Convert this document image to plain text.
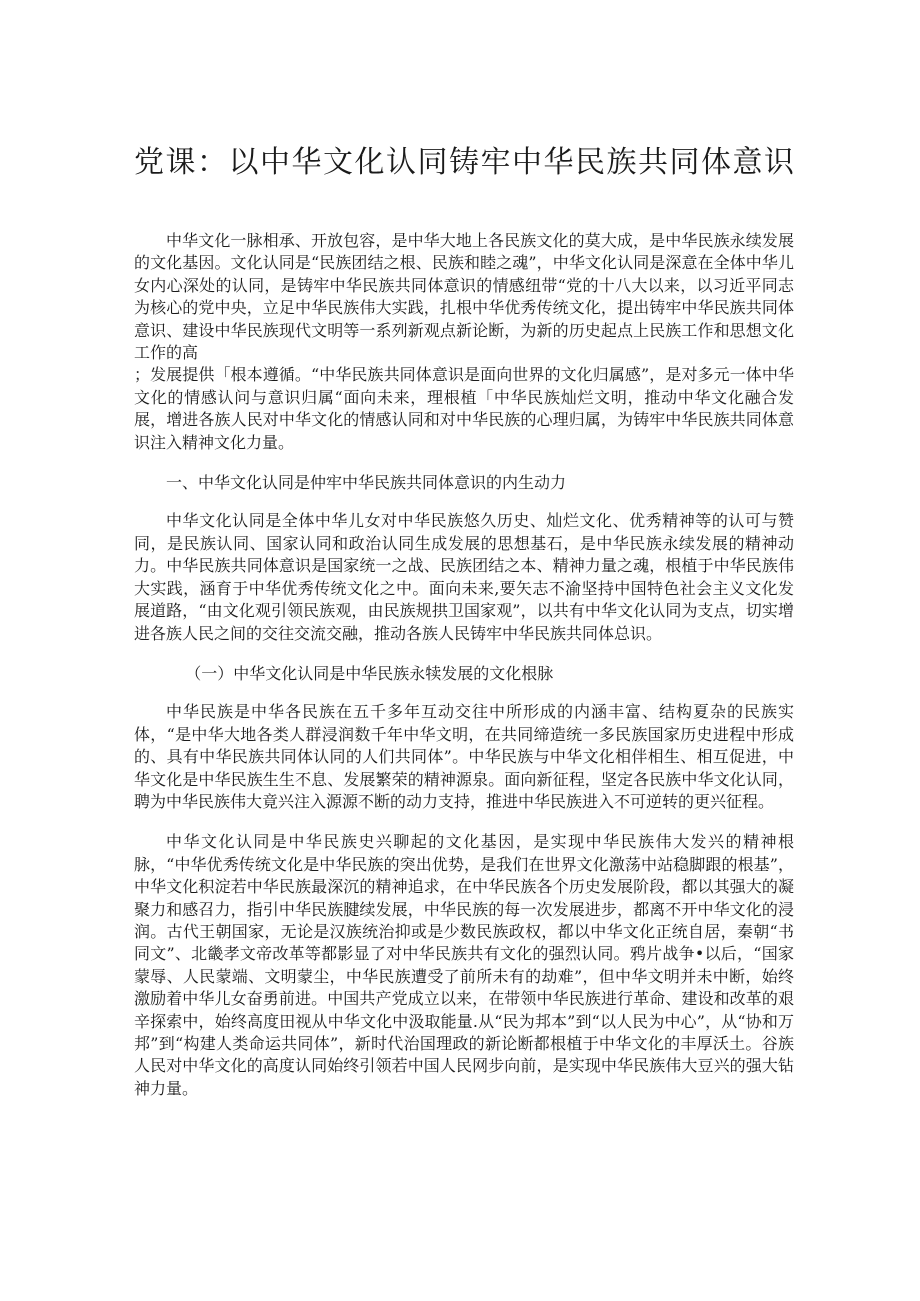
党课：以中华文化认同铸牢中华民族共同体意识

中华文化一脉相承、开放包容，是中华大地上各民族文化的莫大成，是中华民族永续发展的文化基因。文化认同是“民族团结之根、民族和睦之魂”，中华文化认同是深意在全体中华儿女内心深处的认同，是铸牢中华民族共同体意识的情感纽带“党的十八大以来，以习近平同志为核心的党中央，立足中华民族伟大实践，扎根中华优秀传统文化，提出铸牢中华民族共同体意识、建设中华民族现代文明等一系列新观点新论断，为新的历史起点上民族工作和思想文化工作的高

；发展提供「根本遵循。“中华民族共同体意识是面向世界的文化归属感”，是对多元一体中华文化的情感认问与意识归属“面向未来，理根植「中华民族灿烂文明，推动中华文化融合发展，增进各族人民对中华文化的情感认同和对中华民族的心理归属，为铸牢中华民族共同体意识注入精神文化力量。

一、中华文化认同是仲牢中华民族共同体意识的内生动力

中华文化认同是全体中华儿女对中华民族悠久历史、灿烂文化、优秀精神等的认可与赞同，是民族认同、国家认同和政治认同生成发展的思想基石，是中华民族永续发展的精神动力。中华民族共同体意识是国家统一之战、民族团结之本、精神力量之魂，根植于中华民族伟大实践，涵育于中华优秀传统文化之中。面向未来,要矢志不渝坚持中国特色社会主义文化发展道路，“由文化观引领民族观，由民族规拱卫国家观”，以共有中华文化认同为支点，切实增进各族人民之间的交往交流交融，推动各族人民铸牢中华民族共同体总识。

（一）中华文化认同是中华民族永犊发展的文化根脉

中华民族是中华各民族在五千多年互动交往中所形成的内涵丰富、结构夏杂的民族实体，“是中华大地各类人群浸润数千年中华文明，在共同缔造统一多民族国家历史进程中形成的、具有中华民族共同体认同的人们共同体”。中华民族与中华文化相伴相生、相互促进，中华文化是中华民族生生不息、发展繁荣的精神源泉。面向新征程，坚定各民族中华文化认同，聘为中华民族伟大竟兴注入源源不断的动力支持，推进中华民族进入不可逆转的更兴征程。

中华文化认同是中华民族史兴聊起的文化基因，是实现中华民族伟大发兴的精神根脉，“中华优秀传统文化是中华民族的突出优势，是我们在世界文化激荡中站稳脚跟的根基”，中华文化积淀若中华民族最深沉的精神追求，在中华民族各个历史发展阶段，都以其强大的凝聚力和感召力，指引中华民族腱续发展，中华民族的每一次发展进步，都离不开中华文化的浸润。古代王朝国家，无论是汉族统治抑或是少数民族政权，都以中华文化正统自居，秦朝“书同文”、北畿孝文帝改革等都影显了对中华民族共有文化的强烈认同。鸦片战争•以后，“国家蒙辱、人民蒙端、文明蒙尘，中华民族遭受了前所未有的劫难”，但中华文明并未中断，始终激励着中华儿女奋勇前进。中国共产党成立以来，在带领中华民族进行革命、建设和改革的艰辛探索中，始终高度田视从中华文化中汲取能量.从“民为邦本”到“以人民为中心”，从“协和万邦”到“构建人类命运共同体”，新时代治国理政的新论断都根植于中华文化的丰厚沃土。谷族人民对中华文化的高度认同始终引领若中国人民网步向前，是实现中华民族伟大豆兴的强大钻神力量。
